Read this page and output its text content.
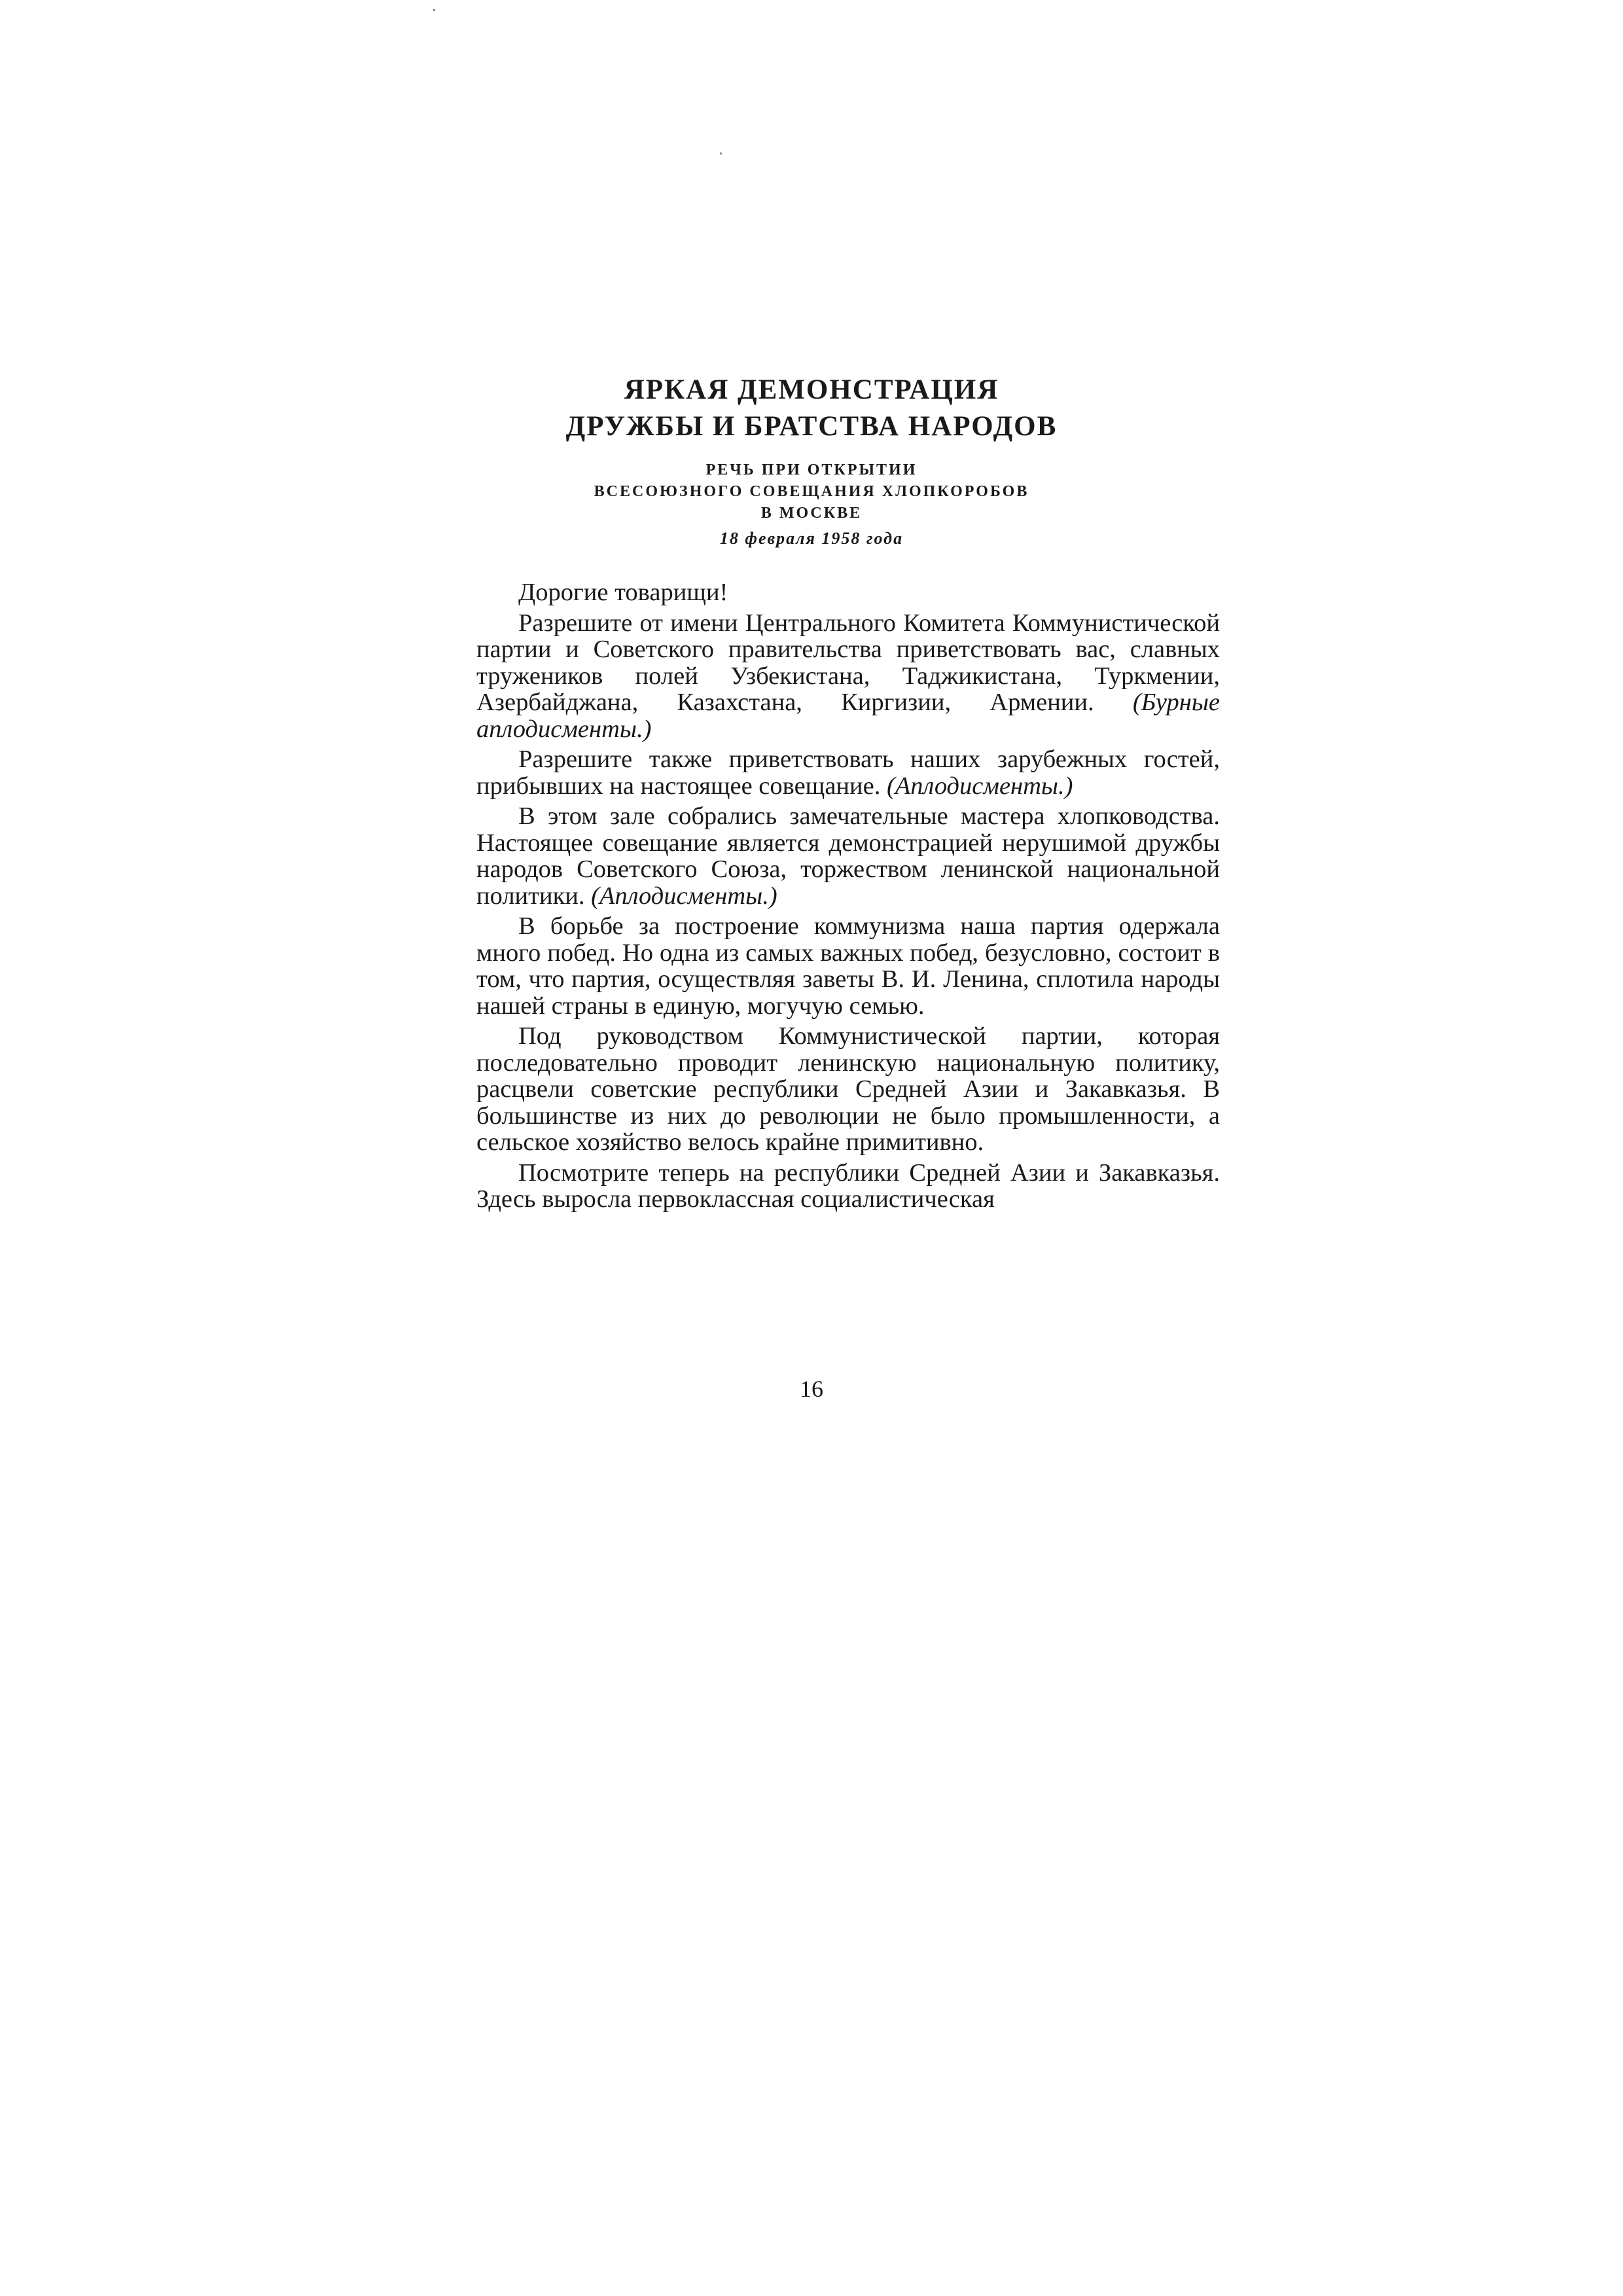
ЯРКАЯ ДЕМОНСТРАЦИЯ
ДРУЖБЫ И БРАТСТВА НАРОДОВ
РЕЧЬ ПРИ ОТКРЫТИИ
ВСЕСОЮЗНОГО СОВЕЩАНИЯ ХЛОПКОРОБОВ
В МОСКВЕ
18 февраля 1958 года

Дорогие товарищи!

Разрешите от имени Центрального Комитета Коммунистической партии и Советского правительства приветствовать вас, славных тружеников полей Узбекистана, Таджикистана, Туркмении, Азербайджана, Казахстана, Киргизии, Армении. (Бурные аплодисменты.)

Разрешите также приветствовать наших зарубежных гостей, прибывших на настоящее совещание. (Аплодисменты.)

В этом зале собрались замечательные мастера хлопководства. Настоящее совещание является демонстрацией нерушимой дружбы народов Советского Союза, торжеством ленинской национальной политики. (Аплодисменты.)

В борьбе за построение коммунизма наша партия одержала много побед. Но одна из самых важных побед, безусловно, состоит в том, что партия, осуществляя заветы В. И. Ленина, сплотила народы нашей страны в единую, могучую семью.

Под руководством Коммунистической партии, которая последовательно проводит ленинскую национальную политику, расцвели советские республики Средней Азии и Закавказья. В большинстве из них до революции не было промышленности, а сельское хозяйство велось крайне примитивно.

Посмотрите теперь на республики Средней Азии и Закавказья. Здесь выросла первоклассная социалистическая

16
